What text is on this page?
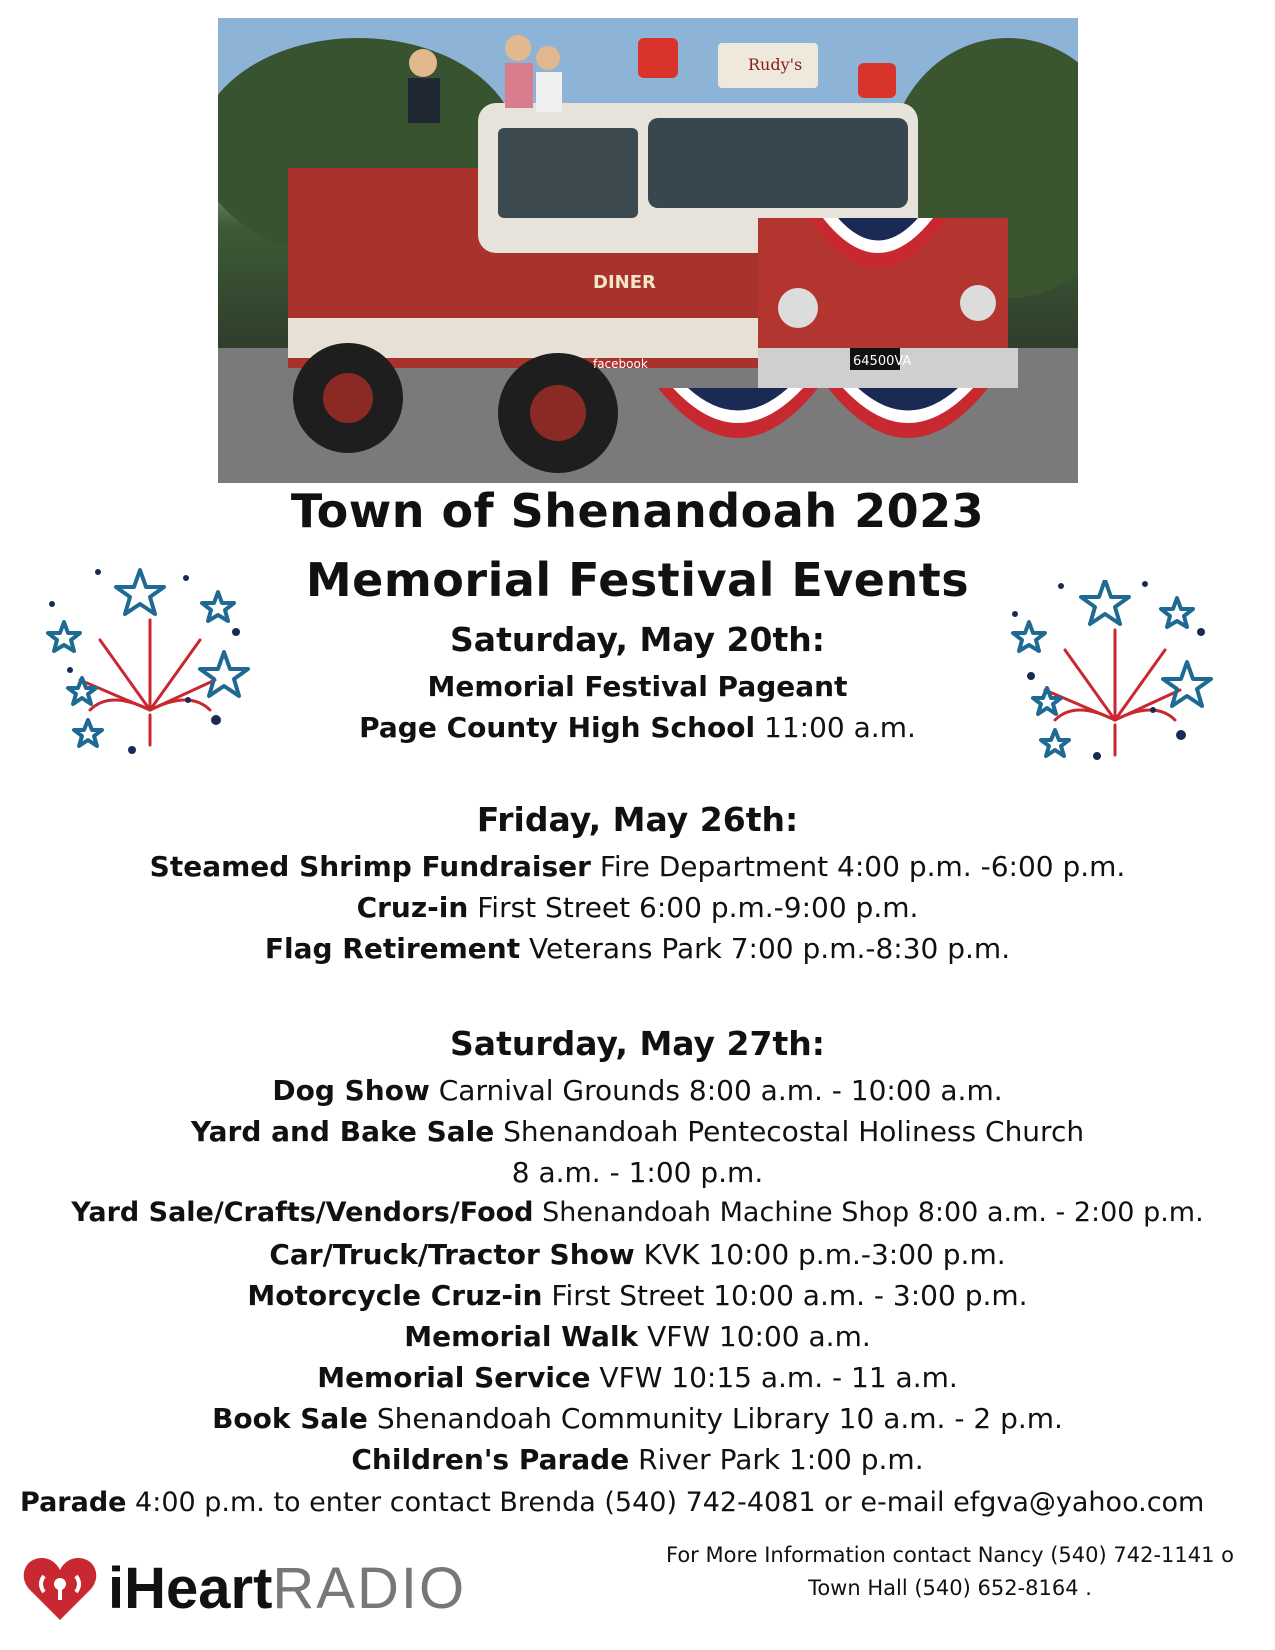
Rudy's
DINER
facebook	64500VA
Town of Shenandoah 2023
Memorial Festival Events

Saturday, May 20th:

Memorial Festival Pageant

Page County High School 11:00 a.m.

Friday, May 26th:

Steamed Shrimp Fundraiser Fire Department 4:00 p.m. -6:00 p.m.

Cruz-in First Street 6:00 p.m.-9:00 p.m.

Flag Retirement Veterans Park 7:00 p.m.-8:30 p.m.

Saturday, May 27th:

Dog Show Carnival Grounds 8:00 a.m. - 10:00 a.m.

Yard and Bake Sale Shenandoah Pentecostal Holiness Church

8 a.m. - 1:00 p.m.

Yard Sale/Crafts/Vendors/Food Shenandoah Machine Shop 8:00 a.m. - 2:00 p.m.

Car/Truck/Tractor Show KVK 10:00 p.m.-3:00 p.m.

Motorcycle Cruz-in First Street 10:00 a.m. - 3:00 p.m.

Memorial Walk VFW 10:00 a.m.

Memorial Service VFW 10:15 a.m. - 11 a.m.

Book Sale Shenandoah Community Library 10 a.m. - 2 p.m.

Children's Parade River Park 1:00 p.m.

Parade 4:00 p.m. to enter contact Brenda (540) 742-4081 or e-mail efgva@yahoo.com

iHeart RADIO

For More Information contact Nancy (540) 742-1141 o

Town Hall (540) 652-8164 .
